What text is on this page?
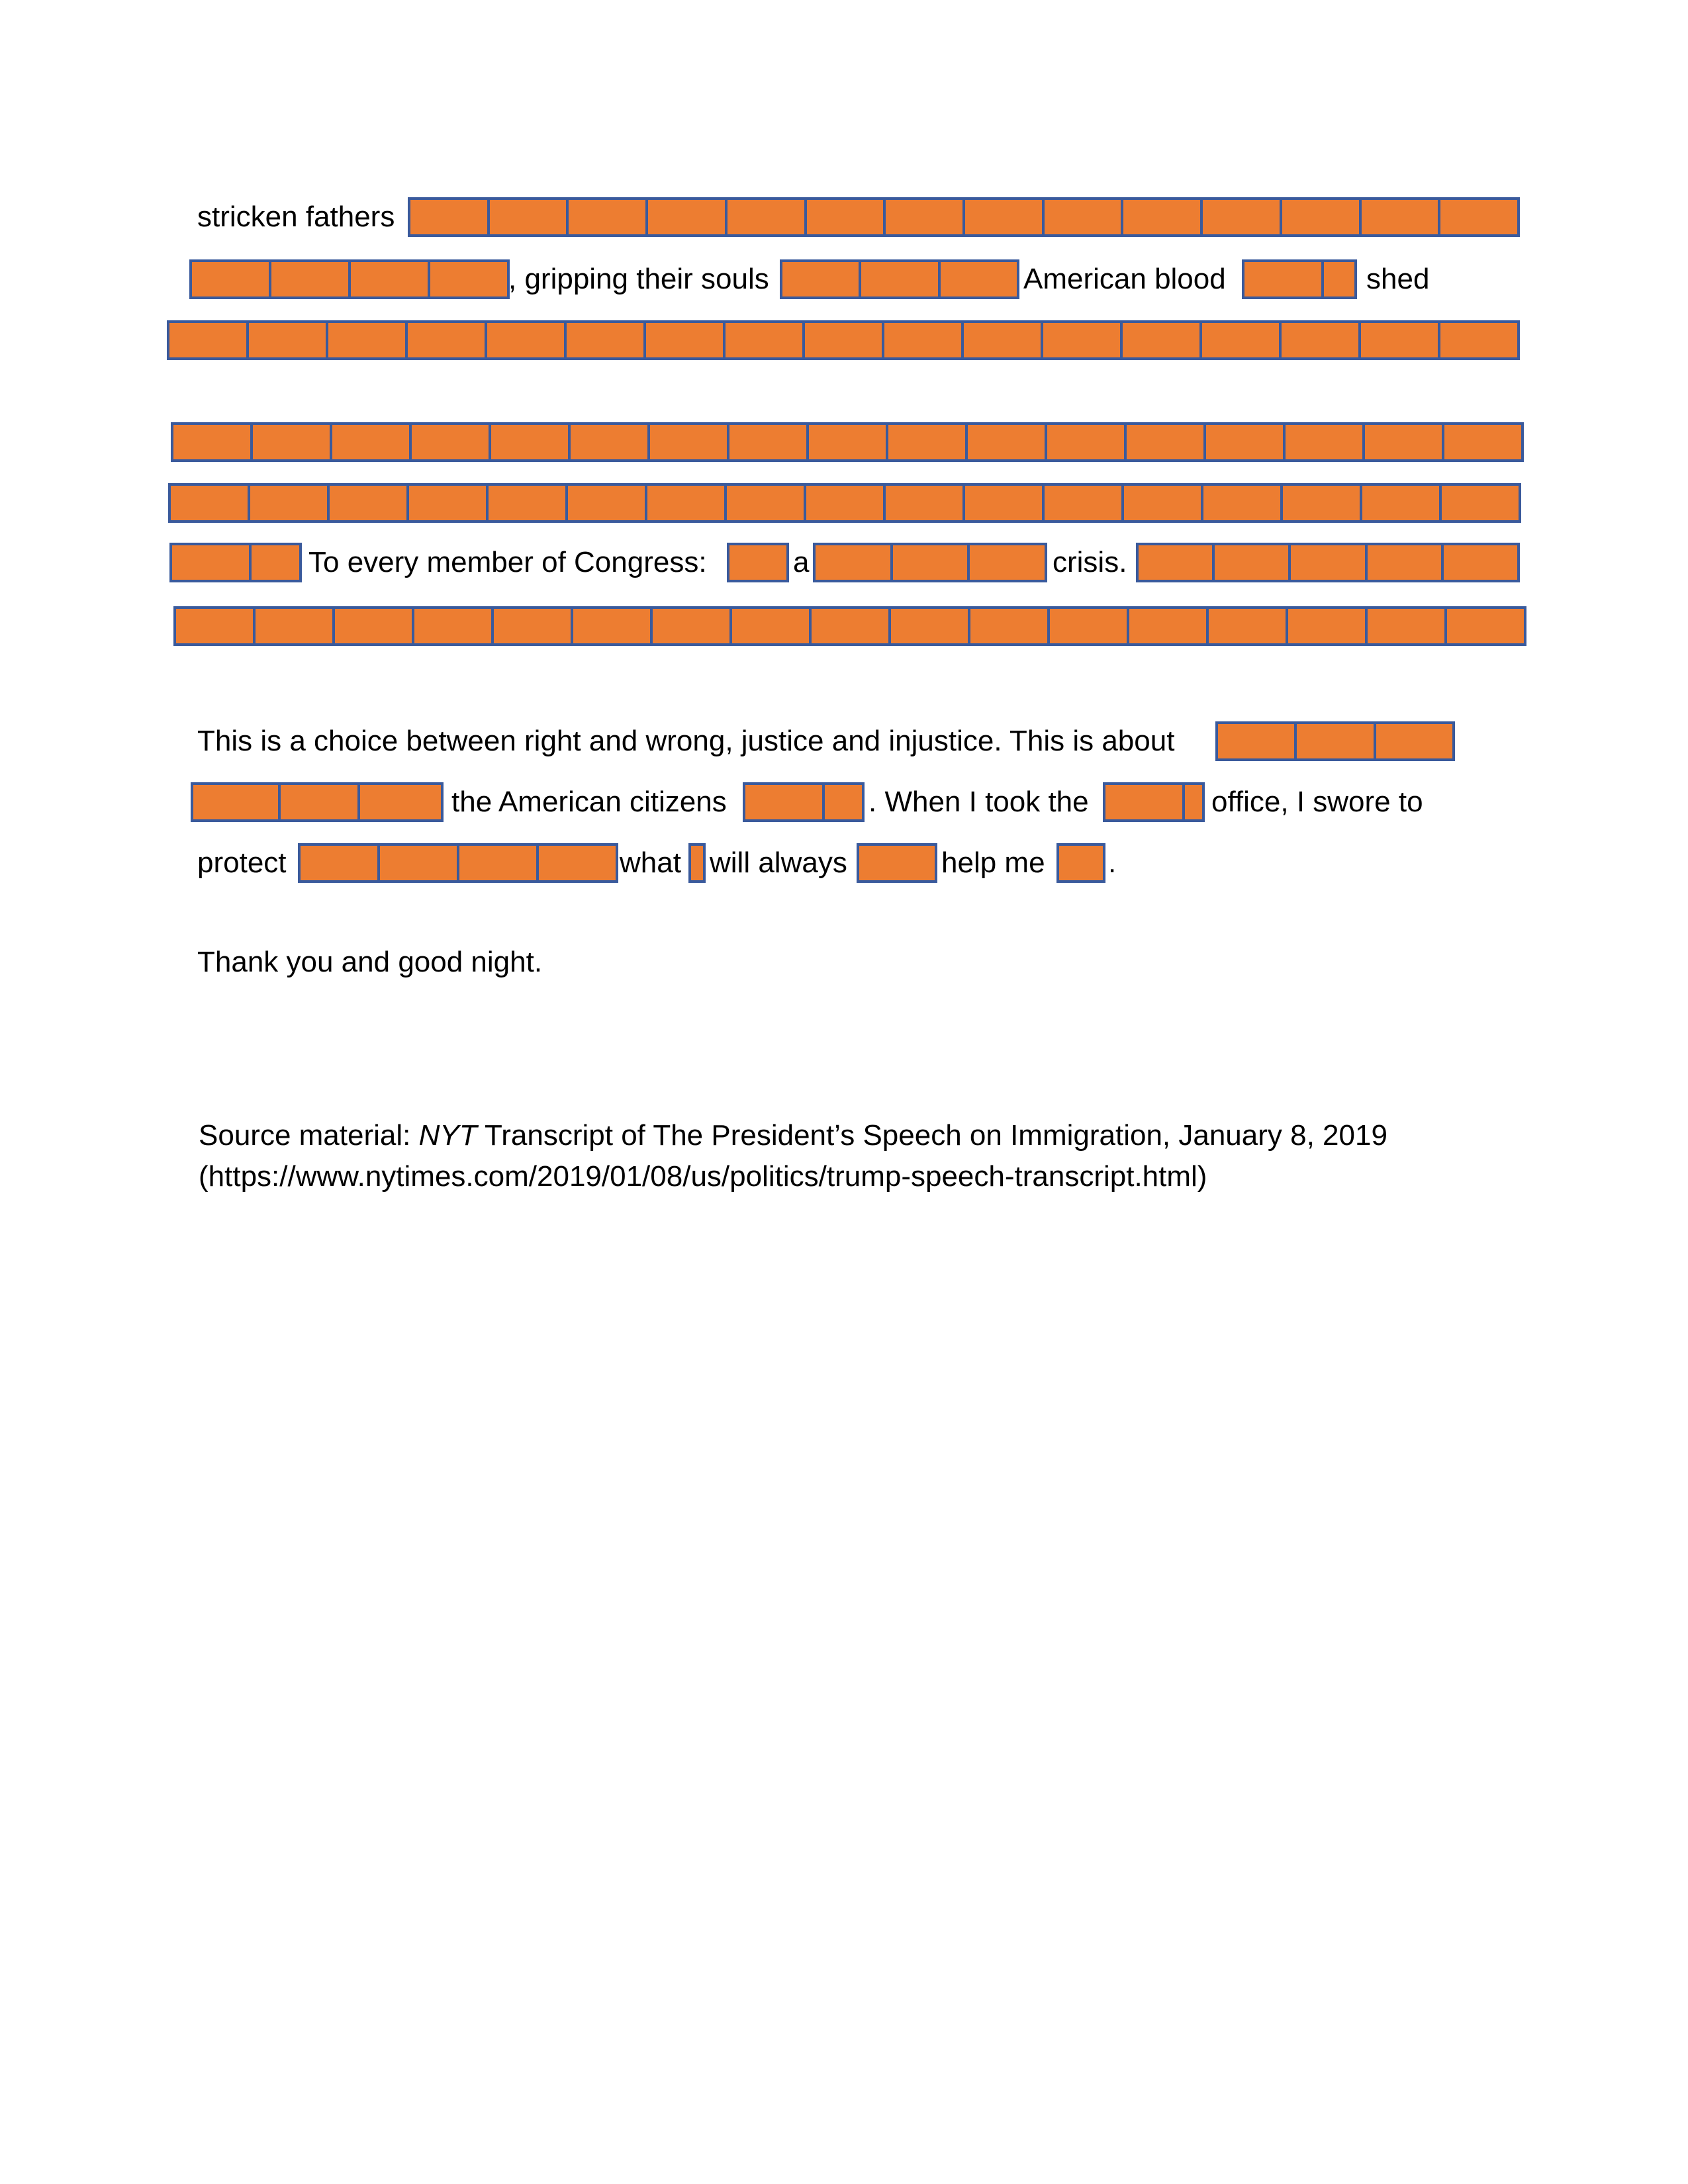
stricken fathers
, gripping their souls	American blood	shed
To every member of Congress:	a	crisis.
This is a choice between right and wrong, justice and injustice. This is about
the American citizens	. When I took the	office, I swore to
protect	what will always	help me .
Thank you and good night.
Source material: NYT Transcript of The President’s Speech on Immigration, January 8, 2019
(https://www.nytimes.com/2019/01/08/us/politics/trump-speech-transcript.html)
